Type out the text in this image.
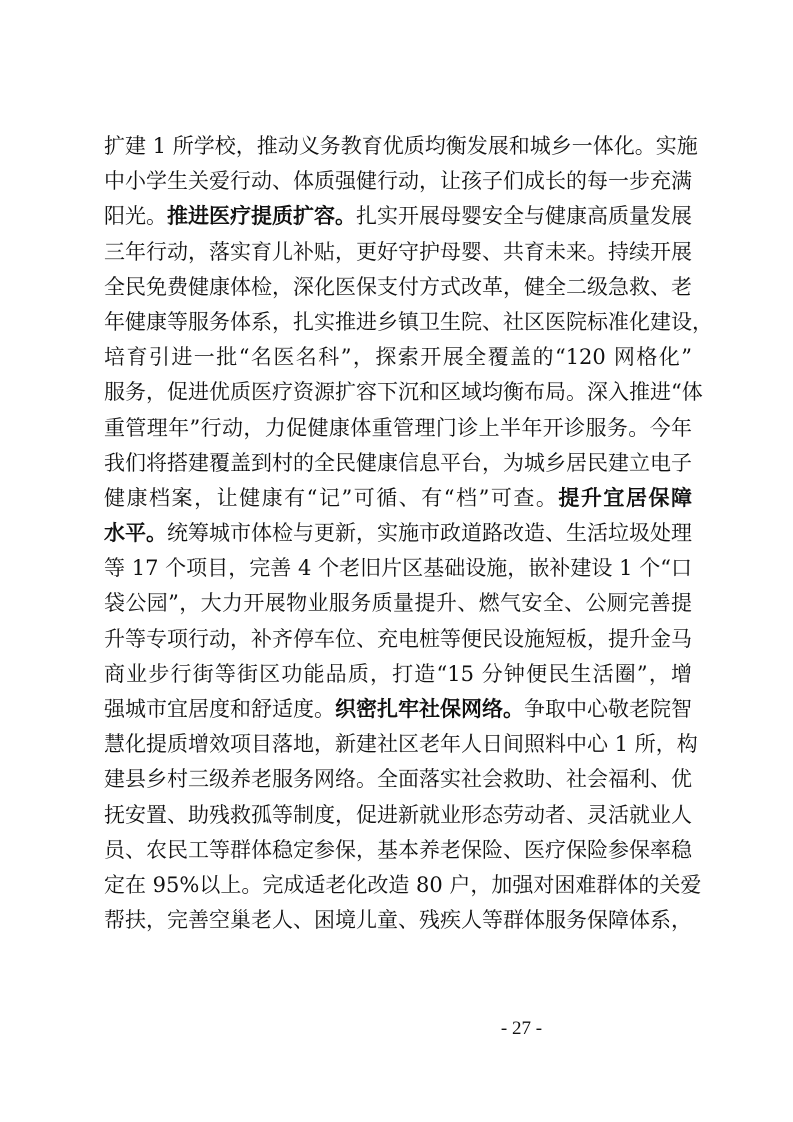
扩建 1 所学校，推动义务教育优质均衡发展和城乡一体化。实施
中小学生关爱行动、体质强健行动，让孩子们成长的每一步充满
阳光。推进医疗提质扩容。扎实开展母婴安全与健康高质量发展
三年行动，落实育儿补贴，更好守护母婴、共育未来。持续开展
全民免费健康体检，深化医保支付方式改革，健全二级急救、老
年健康等服务体系，扎实推进乡镇卫生院、社区医院标准化建设，
培育引进一批“名医名科”，探索开展全覆盖的“120 网格化”
服务，促进优质医疗资源扩容下沉和区域均衡布局。深入推进“体
重管理年”行动，力促健康体重管理门诊上半年开诊服务。今年
我们将搭建覆盖到村的全民健康信息平台，为城乡居民建立电子
健康档案，让健康有“记”可循、有“档”可查。提升宜居保障
水平。统筹城市体检与更新，实施市政道路改造、生活垃圾处理
等 17 个项目，完善 4 个老旧片区基础设施，嵌补建设 1 个“口
袋公园”，大力开展物业服务质量提升、燃气安全、公厕完善提
升等专项行动，补齐停车位、充电桩等便民设施短板，提升金马
商业步行街等街区功能品质，打造“15 分钟便民生活圈”，增
强城市宜居度和舒适度。织密扎牢社保网络。争取中心敬老院智
慧化提质增效项目落地，新建社区老年人日间照料中心 1 所，构
建县乡村三级养老服务网络。全面落实社会救助、社会福利、优
抚安置、助残救孤等制度，促进新就业形态劳动者、灵活就业人
员、农民工等群体稳定参保，基本养老保险、医疗保险参保率稳
定在 95%以上。完成适老化改造 80 户，加强对困难群体的关爱
帮扶，完善空巢老人、困境儿童、残疾人等群体服务保障体系，
- 27 -
